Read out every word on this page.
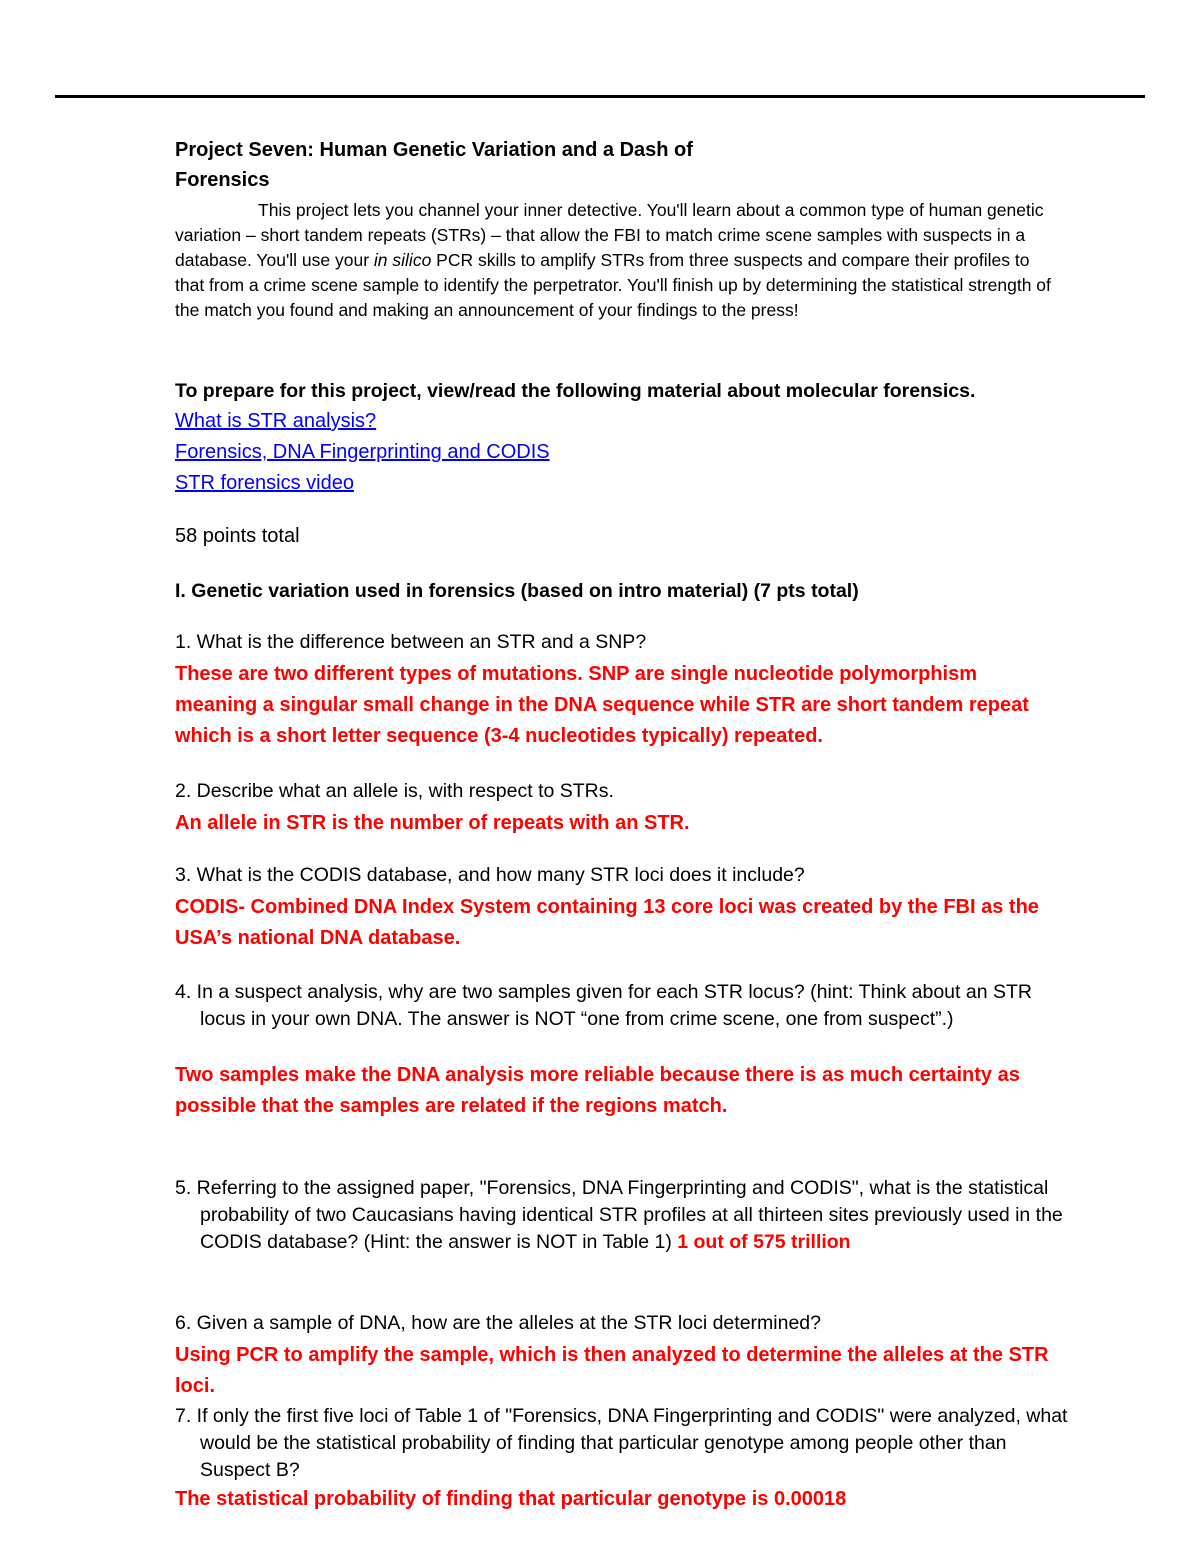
Project Seven: Human Genetic Variation and a Dash of
Forensics

This project lets you channel your inner detective. You'll learn about a common type of human genetic variation – short tandem repeats (STRs) – that allow the FBI to match crime scene samples with suspects in a database. You'll use your in silico PCR skills to amplify STRs from three suspects and compare their profiles to that from a crime scene sample to identify the perpetrator. You'll finish up by determining the statistical strength of the match you found and making an announcement of your findings to the press!

To prepare for this project, view/read the following material about molecular forensics.

What is STR analysis?
Forensics, DNA Fingerprinting and CODIS
STR forensics video

58 points total

I. Genetic variation used in forensics (based on intro material) (7 pts total)

1. What is the difference between an STR and a SNP?

These are two different types of mutations. SNP are single nucleotide polymorphism meaning a singular small change in the DNA sequence while STR are short tandem repeat which is a short letter sequence (3-4 nucleotides typically) repeated.

2. Describe what an allele is, with respect to STRs.

An allele in STR is the number of repeats with an STR.

3. What is the CODIS database, and how many STR loci does it include?

CODIS- Combined DNA Index System containing 13 core loci was created by the FBI as the USA’s national DNA database.

4. In a suspect analysis, why are two samples given for each STR locus? (hint: Think about an STR locus in your own DNA. The answer is NOT “one from crime scene, one from suspect”.)

Two samples make the DNA analysis more reliable because there is as much certainty as possible that the samples are related if the regions match.

5. Referring to the assigned paper, "Forensics, DNA Fingerprinting and CODIS", what is the statistical probability of two Caucasians having identical STR profiles at all thirteen sites previously used in the CODIS database? (Hint: the answer is NOT in Table 1) 1 out of 575 trillion

6. Given a sample of DNA, how are the alleles at the STR loci determined?

Using PCR to amplify the sample, which is then analyzed to determine the alleles at the STR loci.

7. If only the first five loci of Table 1 of "Forensics, DNA Fingerprinting and CODIS" were analyzed, what would be the statistical probability of finding that particular genotype among people other than Suspect B?

The statistical probability of finding that particular genotype is 0.00018
